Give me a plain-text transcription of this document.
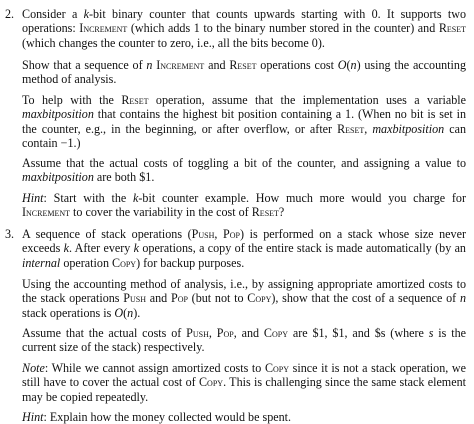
2. Consider a k-bit binary counter that counts upwards starting with 0. It supports two operations: Increment (which adds 1 to the binary number stored in the counter) and Reset (which changes the counter to zero, i.e., all the bits become 0).
Show that a sequence of n Increment and Reset operations cost O(n) using the accounting method of analysis.
To help with the Reset operation, assume that the implementation uses a variable maxbitposition that contains the highest bit position containing a 1. (When no bit is set in the counter, e.g., in the beginning, or after overflow, or after Reset, maxbitposition can contain −1.)
Assume that the actual costs of toggling a bit of the counter, and assigning a value to maxbitposition are both $1.
Hint: Start with the k-bit counter example. How much more would you charge for Increment to cover the variability in the cost of Reset?
3. A sequence of stack operations (Push, Pop) is performed on a stack whose size never exceeds k. After every k operations, a copy of the entire stack is made automatically (by an internal operation Copy) for backup purposes.
Using the accounting method of analysis, i.e., by assigning appropriate amortized costs to the stack operations Push and Pop (but not to Copy), show that the cost of a sequence of n stack operations is O(n).
Assume that the actual costs of Push, Pop, and Copy are $1, $1, and $s (where s is the current size of the stack) respectively.
Note: While we cannot assign amortized costs to Copy since it is not a stack operation, we still have to cover the actual cost of Copy. This is challenging since the same stack element may be copied repeatedly.
Hint: Explain how the money collected would be spent.
